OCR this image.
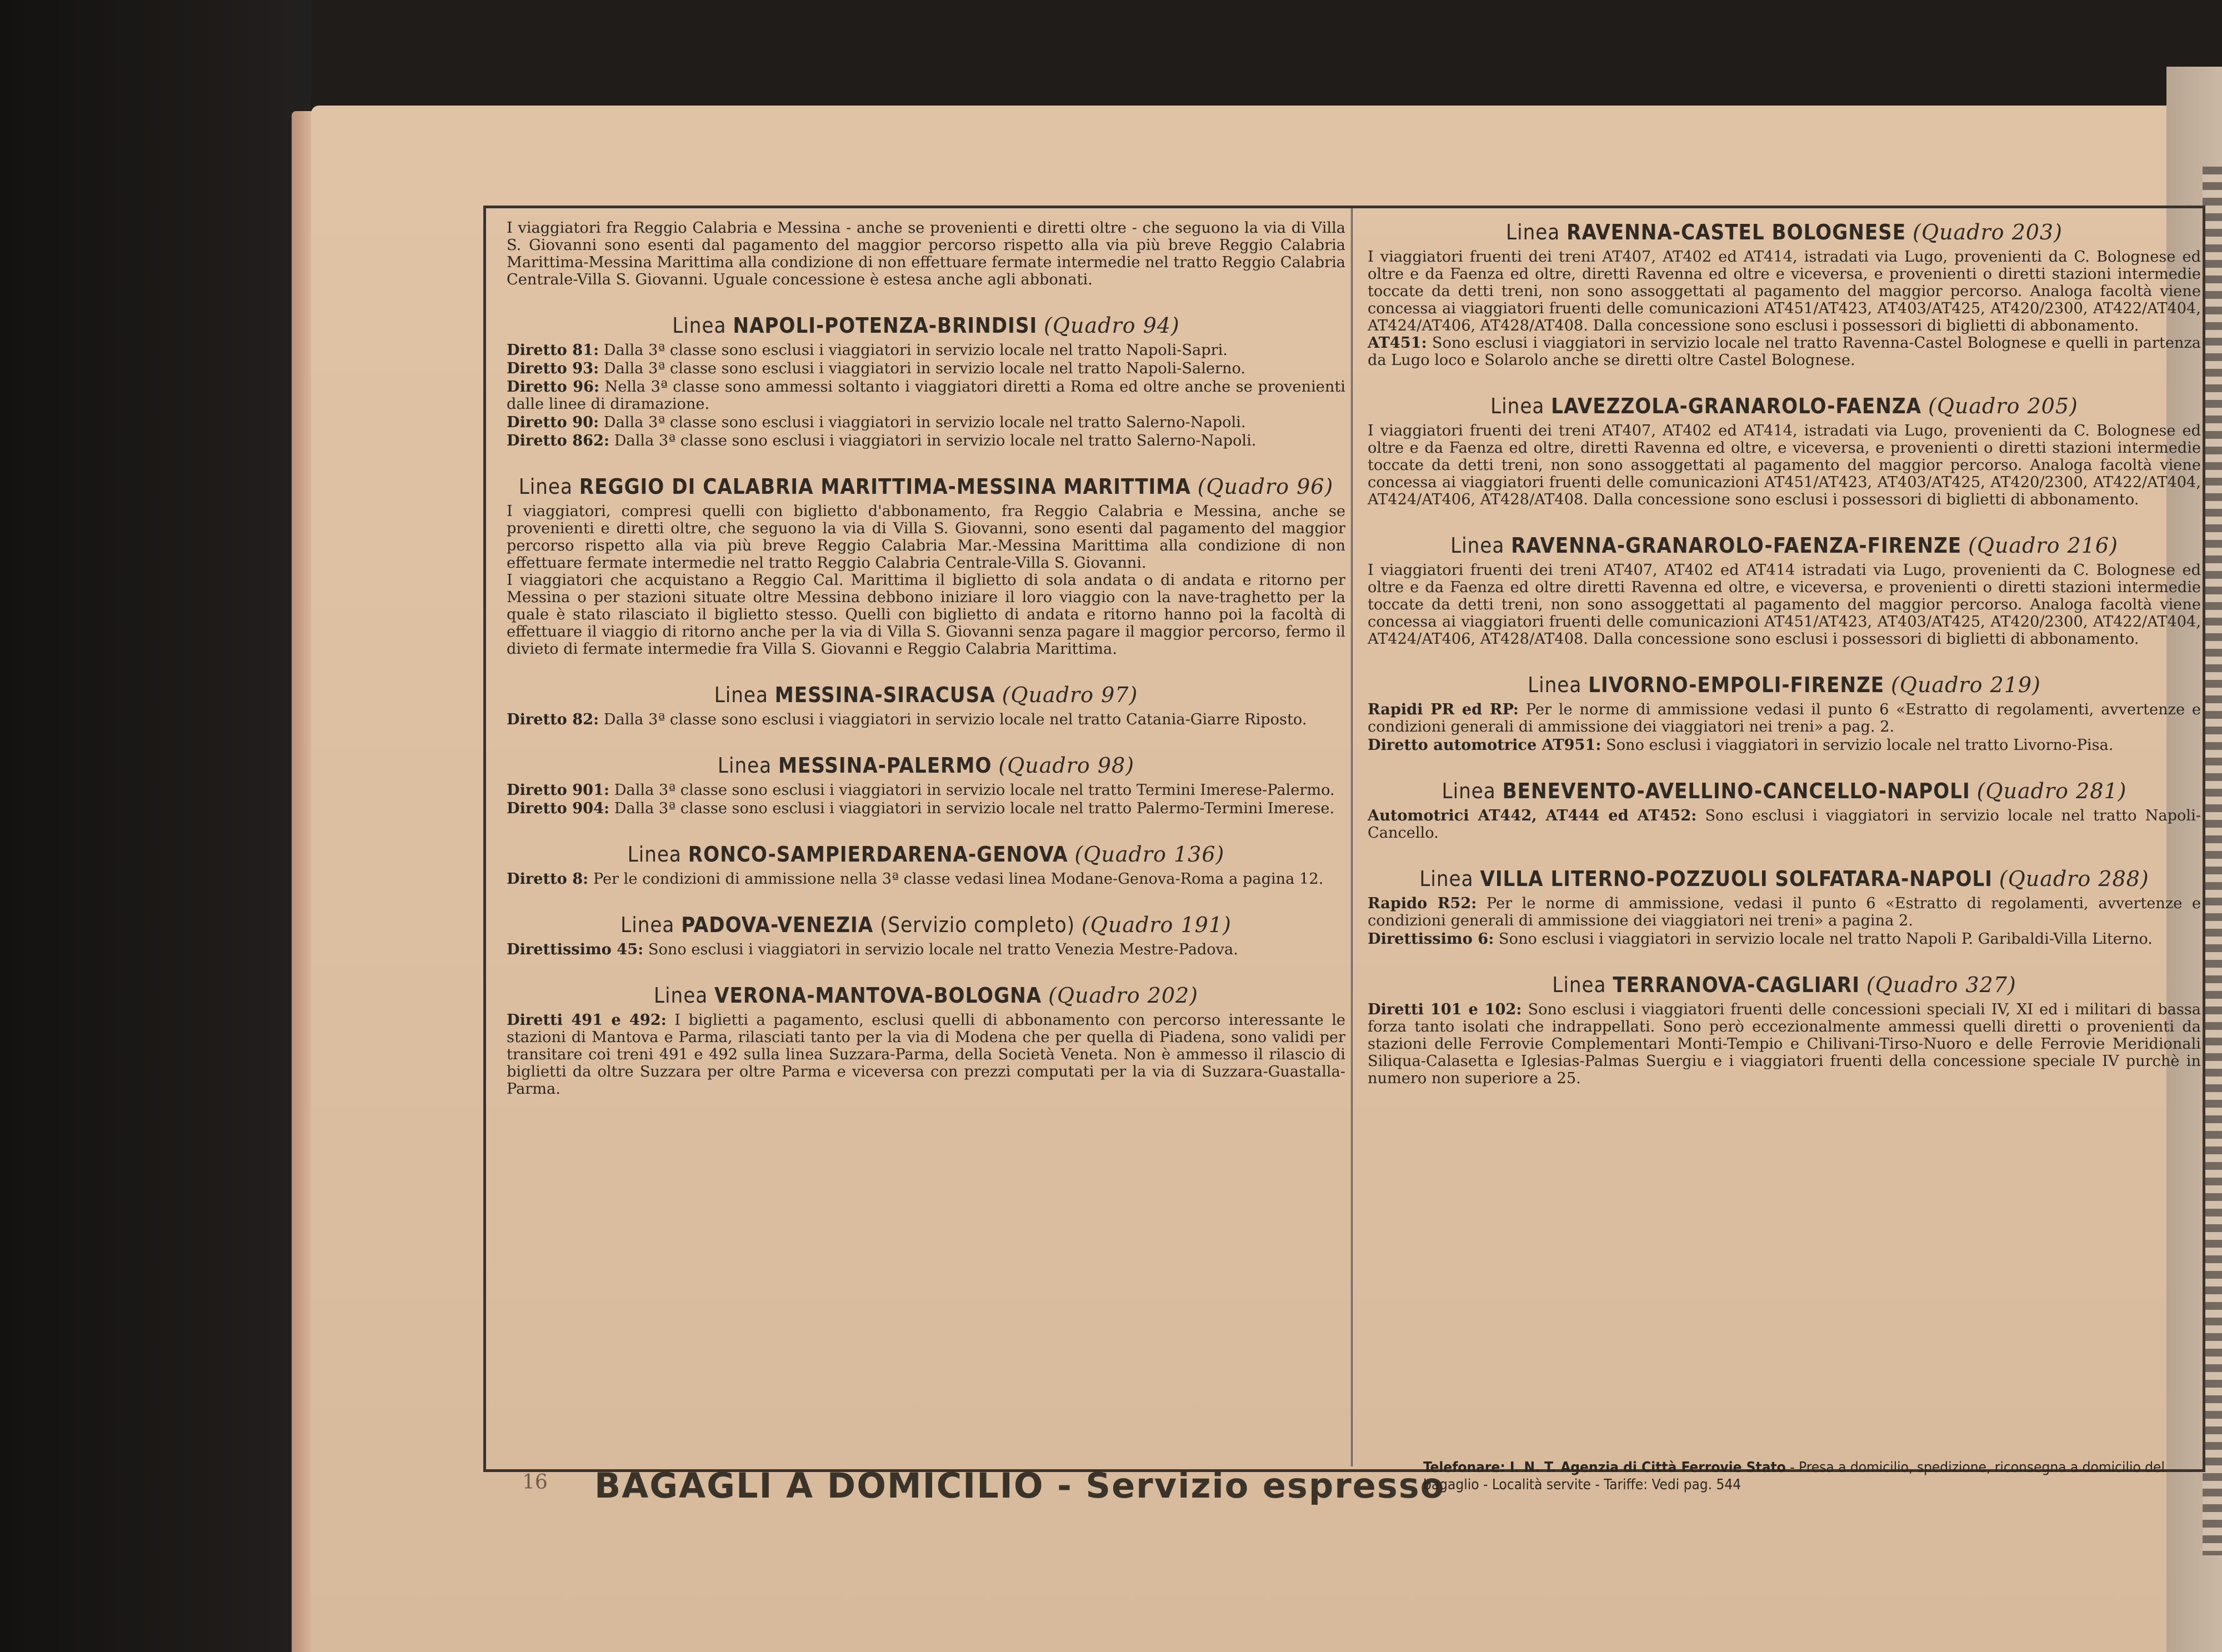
I viaggiatori fra Reggio Calabria e Messina - anche se provenienti e diretti oltre - che seguono la via di Villa S. Giovanni sono esenti dal pagamento del maggior percorso rispetto alla via più breve Reggio Calabria Marittima-Messina Marittima alla condizione di non effettuare fermate intermedie nel tratto Reggio Calabria Centrale-Villa S. Giovanni. Uguale concessione è estesa anche agli abbonati.

Linea NAPOLI-POTENZA-BRINDISI (Quadro 94)

Diretto 81: Dalla 3ª classe sono esclusi i viaggiatori in servizio locale nel tratto Napoli-Sapri.

Diretto 93: Dalla 3ª classe sono esclusi i viaggiatori in servizio locale nel tratto Napoli-Salerno.

Diretto 96: Nella 3ª classe sono ammessi soltanto i viaggiatori diretti a Roma ed oltre anche se provenienti dalle linee di diramazione.

Diretto 90: Dalla 3ª classe sono esclusi i viaggiatori in servizio locale nel tratto Salerno-Napoli.

Diretto 862: Dalla 3ª classe sono esclusi i viaggiatori in servizio locale nel tratto Salerno-Napoli.

Linea REGGIO DI CALABRIA MARITTIMA-MESSINA MARITTIMA (Quadro 96)

I viaggiatori, compresi quelli con biglietto d'abbonamento, fra Reggio Calabria e Messina, anche se provenienti e diretti oltre, che seguono la via di Villa S. Giovanni, sono esenti dal pagamento del maggior percorso rispetto alla via più breve Reggio Calabria Mar.-Messina Marittima alla condizione di non effettuare fermate intermedie nel tratto Reggio Calabria Centrale-Villa S. Giovanni.

I viaggiatori che acquistano a Reggio Cal. Marittima il biglietto di sola andata o di andata e ritorno per Messina o per stazioni situate oltre Messina debbono iniziare il loro viaggio con la nave-traghetto per la quale è stato rilasciato il biglietto stesso. Quelli con biglietto di andata e ritorno hanno poi la facoltà di effettuare il viaggio di ritorno anche per la via di Villa S. Giovanni senza pagare il maggior percorso, fermo il divieto di fermate intermedie fra Villa S. Giovanni e Reggio Calabria Marittima.

Linea MESSINA-SIRACUSA (Quadro 97)

Diretto 82: Dalla 3ª classe sono esclusi i viaggiatori in servizio locale nel tratto Catania-Giarre Riposto.

Linea MESSINA-PALERMO (Quadro 98)

Diretto 901: Dalla 3ª classe sono esclusi i viaggiatori in servizio locale nel tratto Termini Imerese-Palermo.

Diretto 904: Dalla 3ª classe sono esclusi i viaggiatori in servizio locale nel tratto Palermo-Termini Imerese.

Linea RONCO-SAMPIERDARENA-GENOVA (Quadro 136)

Diretto 8: Per le condizioni di ammissione nella 3ª classe vedasi linea Modane-Genova-Roma a pagina 12.

Linea PADOVA-VENEZIA (Servizio completo) (Quadro 191)

Direttissimo 45: Sono esclusi i viaggiatori in servizio locale nel tratto Venezia Mestre-Padova.

Linea VERONA-MANTOVA-BOLOGNA (Quadro 202)

Diretti 491 e 492: I biglietti a pagamento, esclusi quelli di abbonamento con percorso interessante le stazioni di Mantova e Parma, rilasciati tanto per la via di Modena che per quella di Piadena, sono validi per transitare coi treni 491 e 492 sulla linea Suzzara-Parma, della Società Veneta. Non è ammesso il rilascio di biglietti da oltre Suzzara per oltre Parma e viceversa con prezzi computati per la via di Suzzara-Guastalla-Parma.

Linea RAVENNA-CASTEL BOLOGNESE (Quadro 203)

I viaggiatori fruenti dei treni AT407, AT402 ed AT414, istradati via Lugo, provenienti da C. Bolognese ed oltre e da Faenza ed oltre, diretti Ravenna ed oltre e viceversa, e provenienti o diretti stazioni intermedie toccate da detti treni, non sono assoggettati al pagamento del maggior percorso. Analoga facoltà viene concessa ai viaggiatori fruenti delle comunicazioni AT451/AT423, AT403/AT425, AT420/2300, AT422/AT404, AT424/AT406, AT428/AT408. Dalla concessione sono esclusi i possessori di biglietti di abbonamento.

AT451: Sono esclusi i viaggiatori in servizio locale nel tratto Ravenna-Castel Bolognese e quelli in partenza da Lugo loco e Solarolo anche se diretti oltre Castel Bolognese.

Linea LAVEZZOLA-GRANAROLO-FAENZA (Quadro 205)

I viaggiatori fruenti dei treni AT407, AT402 ed AT414, istradati via Lugo, provenienti da C. Bolognese ed oltre e da Faenza ed oltre, diretti Ravenna ed oltre, e viceversa, e provenienti o diretti stazioni intermedie toccate da detti treni, non sono assoggettati al pagamento del maggior percorso. Analoga facoltà viene concessa ai viaggiatori fruenti delle comunicazioni AT451/AT423, AT403/AT425, AT420/2300, AT422/AT404, AT424/AT406, AT428/AT408. Dalla concessione sono esclusi i possessori di biglietti di abbonamento.

Linea RAVENNA-GRANAROLO-FAENZA-FIRENZE (Quadro 216)

I viaggiatori fruenti dei treni AT407, AT402 ed AT414 istradati via Lugo, provenienti da C. Bolognese ed oltre e da Faenza ed oltre diretti Ravenna ed oltre, e viceversa, e provenienti o diretti stazioni intermedie toccate da detti treni, non sono assoggettati al pagamento del maggior percorso. Analoga facoltà viene concessa ai viaggiatori fruenti delle comunicazioni AT451/AT423, AT403/AT425, AT420/2300, AT422/AT404, AT424/AT406, AT428/AT408. Dalla concessione sono esclusi i possessori di biglietti di abbonamento.

Linea LIVORNO-EMPOLI-FIRENZE (Quadro 219)

Rapidi PR ed RP: Per le norme di ammissione vedasi il punto 6 «Estratto di regolamenti, avvertenze e condizioni generali di ammissione dei viaggiatori nei treni» a pag. 2.

Diretto automotrice AT951: Sono esclusi i viaggiatori in servizio locale nel tratto Livorno-Pisa.

Linea BENEVENTO-AVELLINO-CANCELLO-NAPOLI (Quadro 281)

Automotrici AT442, AT444 ed AT452: Sono esclusi i viaggiatori in servizio locale nel tratto Napoli-Cancello.

Linea VILLA LITERNO-POZZUOLI SOLFATARA-NAPOLI (Quadro 288)

Rapido R52: Per le norme di ammissione, vedasi il punto 6 «Estratto di regolamenti, avvertenze e condizioni generali di ammissione dei viaggiatori nei treni» a pagina 2.

Direttissimo 6: Sono esclusi i viaggiatori in servizio locale nel tratto Napoli P. Garibaldi-Villa Literno.

Linea TERRANOVA-CAGLIARI (Quadro 327)

Diretti 101 e 102: Sono esclusi i viaggiatori fruenti delle concessioni speciali IV, XI ed i militari di bassa forza tanto isolati che indrappellati. Sono però eccezionalmente ammessi quelli diretti o provenienti da stazioni delle Ferrovie Complementari Monti-Tempio e Chilivani-Tirso-Nuoro e delle Ferrovie Meridionali Siliqua-Calasetta e Iglesias-Palmas Suergiu e i viaggiatori fruenti della concessione speciale IV purchè in numero non superiore a 25.

16 BAGAGLI A DOMICILIO - Servizio espresso
Telefonare: I. N. T. Agenzia di Città Ferrovie Stato - Presa a domicilio, spedizione, riconsegna a domicilio del bagaglio - Località servite - Tariffe: Vedi pag. 544
